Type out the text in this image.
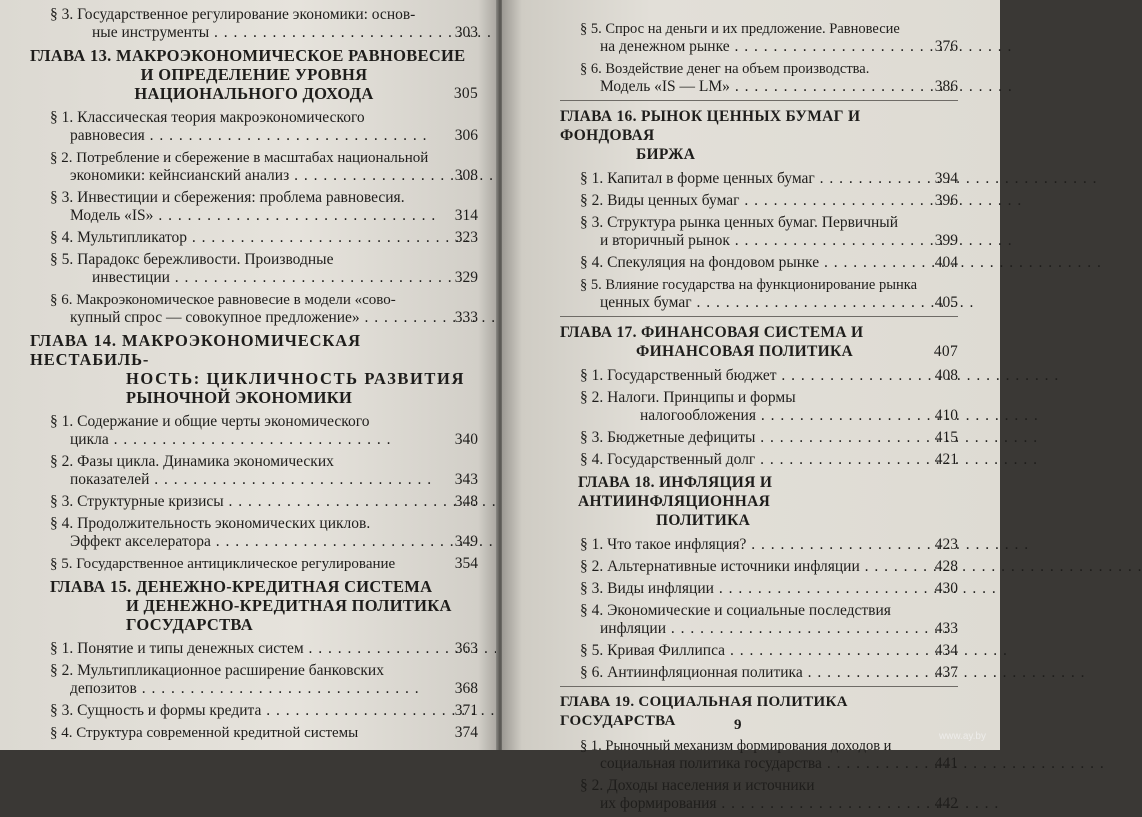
§ 3. Государственное регулирование экономики: основ-
ные инструменты . . .	303
ГЛАВА 13. МАКРОЭКОНОМИЧЕСКОЕ РАВНОВЕСИЕ
И ОПРЕДЕЛЕНИЕ УРОВНЯ
НАЦИОНАЛЬНОГО ДОХОДА	305
§ 1. Классическая теория макроэкономического
равновесия . . .	306
§ 2. Потребление и сбережение в масштабах национальной
экономики: кейнсианский анализ . . .	308
§ 3. Инвестиции и сбережения: проблема равновесия.
Модель «IS» . . .	314
§ 4. Мультипликатор . . .	323
§ 5. Парадокс бережливости. Производные
инвестиции . . .	329
§ 6. Макроэкономическое равновесие в модели «сово-
купный спрос — совокупное предложение» . . .	333
ГЛАВА 14. МАКРОЭКОНОМИЧЕСКАЯ НЕСТАБИЛЬ-
НОСТЬ: ЦИКЛИЧНОСТЬ РАЗВИТИЯ
РЫНОЧНОЙ ЭКОНОМИКИ
§ 1. Содержание и общие черты экономического
цикла . . .	340
§ 2. Фазы цикла. Динамика экономических
показателей . . .	343
§ 3. Структурные кризисы . . .	348
§ 4. Продолжительность экономических циклов.
Эффект акселератора . . .	349
§ 5. Государственное антициклическое регулирование	354
ГЛАВА 15. ДЕНЕЖНО-КРЕДИТНАЯ СИСТЕМА
И ДЕНЕЖНО-КРЕДИТНАЯ ПОЛИТИКА
ГОСУДАРСТВА
§ 1. Понятие и типы денежных систем . . .	363
§ 2. Мультипликационное расширение банковских
депозитов . . .	368
§ 3. Сущность и формы кредита . . .	371
§ 4. Структура современной кредитной системы	374
§ 5. Спрос на деньги и их предложение. Равновесие
на денежном рынке . . .	376
§ 6. Воздействие денег на объем производства.
Модель «IS — LM» . . .	386
ГЛАВА 16. РЫНОК ЦЕННЫХ БУМАГ И ФОНДОВАЯ
БИРЖА
§ 1. Капитал в форме ценных бумаг . . .	394
§ 2. Виды ценных бумаг . . .	396
§ 3. Структура рынка ценных бумаг. Первичный
и вторичный рынок . . .	399
§ 4. Спекуляция на фондовом рынке . . .	404
§ 5. Влияние государства на функционирование рынка
ценных бумаг . . .	405
ГЛАВА 17. ФИНАНСОВАЯ СИСТЕМА И
ФИНАНСОВАЯ ПОЛИТИКА	407
§ 1. Государственный бюджет . . .	408
§ 2. Налоги. Принципы и формы
налогообложения . . .	410
§ 3. Бюджетные дефициты . . .	415
§ 4. Государственный долг . . .	421
ГЛАВА 18. ИНФЛЯЦИЯ И АНТИИНФЛЯЦИОННАЯ
ПОЛИТИКА
§ 1. Что такое инфляция? . . .	423
§ 2. Альтернативные источники инфляции . . .	428
§ 3. Виды инфляции . . .	430
§ 4. Экономические и социальные последствия
инфляции . . .	433
§ 5. Кривая Филлипса . . .	434
§ 6. Антиинфляционная политика . . .	437
ГЛАВА 19. СОЦИАЛЬНАЯ ПОЛИТИКА ГОСУДАРСТВА
§ 1. Рыночный механизм формирования доходов и
социальная политика государства . . .	441
§ 2. Доходы населения и источники
их формирования . . .	442
9
www.ay.by
